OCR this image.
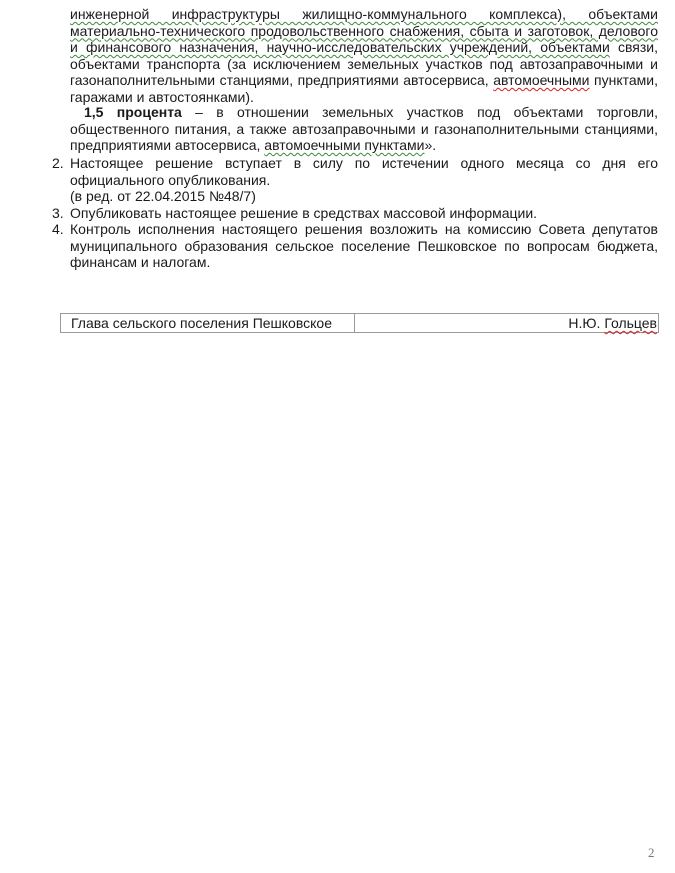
инженерной инфраструктуры жилищно-коммунального комплекса), объектами материально-технического продовольственного снабжения, сбыта и заготовок, делового и финансового назначения, научно-исследовательских учреждений, объектами связи, объектами транспорта (за исключением земельных участков под автозаправочными и газонаполнительными станциями, предприятиями автосервиса, автомоечными пунктами, гаражами и автостоянками).
1,5 процента – в отношении земельных участков под объектами торговли, общественного питания, а также автозаправочными и газонаполнительными станциями, предприятиями автосервиса, автомоечными пунктами».
2. Настоящее решение вступает в силу по истечении одного месяца со дня его официального опубликования.
(в ред. от 22.04.2015 №48/7)
3. Опубликовать настоящее решение в средствах массовой информации.
4. Контроль исполнения настоящего решения возложить на комиссию Совета депутатов муниципального образования сельское поселение Пешковское по вопросам бюджета, финансам и налогам.
Глава сельского поселения Пешковское	Н.Ю. Гольцев
2
